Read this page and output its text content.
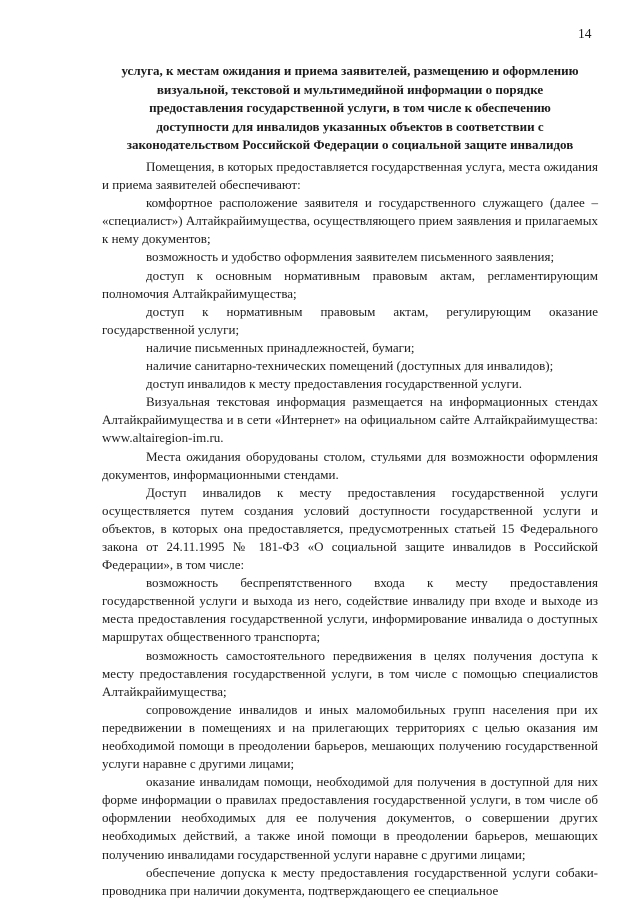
14
услуга, к местам ожидания и приема заявителей, размещению и оформлению
визуальной, текстовой и мультимедийной информации о порядке
предоставления государственной услуги, в том числе к обеспечению
доступности для инвалидов указанных объектов в соответствии с
законодательством Российской Федерации о социальной защите инвалидов

Помещения, в которых предоставляется государственная услуга, места ожидания и приема заявителей обеспечивают:

комфортное расположение заявителя и государственного служащего (далее – «специалист») Алтайкрайимущества, осуществляющего прием заявления и прилагаемых к нему документов;

возможность и удобство оформления заявителем письменного заявления;

доступ к основным нормативным правовым актам, регламентирующим полномочия Алтайкрайимущества;

доступ к нормативным правовым актам, регулирующим оказание государственной услуги;

наличие письменных принадлежностей, бумаги;

наличие санитарно-технических помещений (доступных для инвалидов);

доступ инвалидов к месту предоставления государственной услуги.

Визуальная текстовая информация размещается на информационных стендах Алтайкрайимущества и в сети «Интернет» на официальном сайте Алтайкрайимущества: www.altairegion-im.ru.

Места ожидания оборудованы столом, стульями для возможности оформления документов, информационными стендами.

Доступ инвалидов к месту предоставления государственной услуги осуществляется путем создания условий доступности государственной услуги и объектов, в которых она предоставляется, предусмотренных статьей 15 Федерального закона от 24.11.1995 № 181-ФЗ «О социальной защите инвалидов в Российской Федерации», в том числе:

возможность беспрепятственного входа к месту предоставления государственной услуги и выхода из него, содействие инвалиду при входе и выходе из места предоставления государственной услуги, информирование инвалида о доступных маршрутах общественного транспорта;

возможность самостоятельного передвижения в целях получения доступа к месту предоставления государственной услуги, в том числе с помощью специалистов Алтайкрайимущества;

сопровождение инвалидов и иных маломобильных групп населения при их передвижении в помещениях и на прилегающих территориях с целью оказания им необходимой помощи в преодолении барьеров, мешающих получению государственной услуги наравне с другими лицами;

оказание инвалидам помощи, необходимой для получения в доступной для них форме информации о правилах предоставления государственной услуги, в том числе об оформлении необходимых для ее получения документов, о совершении других необходимых действий, а также иной помощи в преодолении барьеров, мешающих получению инвалидами государственной услуги наравне с другими лицами;

обеспечение допуска к месту предоставления государственной услуги собаки-проводника при наличии документа, подтверждающего ее специальное
